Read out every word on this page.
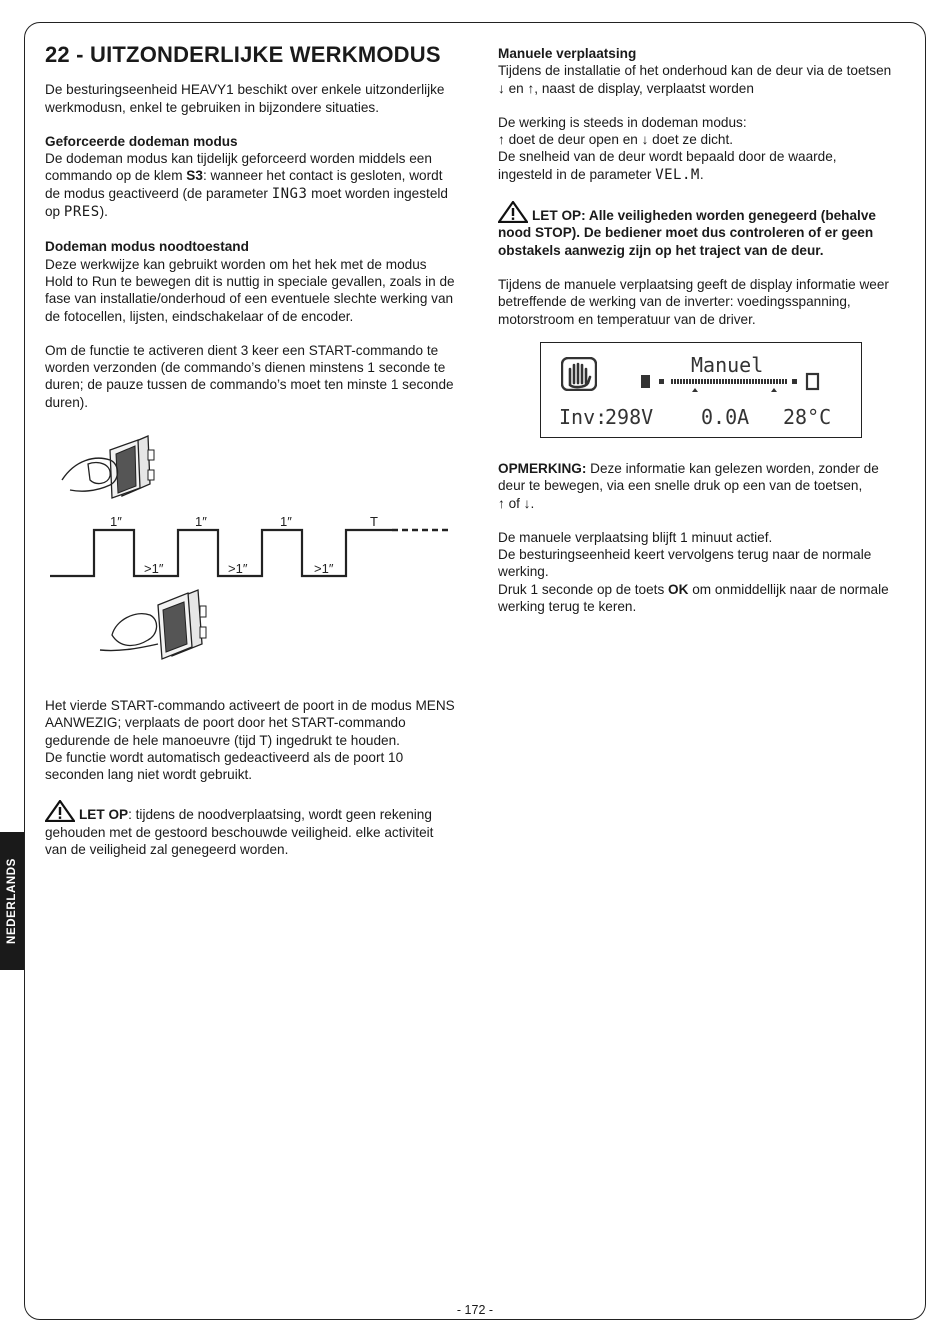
22 - UITZONDERLIJKE WERKMODUS

De besturingseenheid HEAVY1 beschikt over enkele uitzonderlijke werkmodusn, enkel te gebruiken in bijzondere situaties.

Geforceerde dodeman modus

De dodeman modus kan tijdelijk geforceerd worden middels een commando op de klem S3: wanneer het contact is gesloten, wordt de modus geactiveerd (de parameter ING3 moet worden ingesteld op PRES).

Dodeman modus noodtoestand

Deze werkwijze kan gebruikt worden om het hek met de modus Hold to Run te bewegen dit is nuttig in speciale gevallen, zoals in de fase van installatie/onderhoud of een eventuele slechte werking van de fotocellen, lijsten, eindschakelaar of de encoder.

Om de functie te activeren dient 3 keer een START-commando te worden verzonden (de commando’s dienen minstens 1 seconde te duren; de pauze tussen de commando’s moet ten minste 1 seconde duren).

1″	1″	1″	T
>1″	>1″	>1″

Het vierde START-commando activeert de poort in de modus MENS AANWEZIG; verplaats de poort door het START-commando gedurende de hele manoeuvre (tijd T) ingedrukt te houden.

De functie wordt automatisch gedeactiveerd als de poort 10 seconden lang niet wordt gebruikt.

LET OP: tijdens de noodverplaatsing, wordt geen rekening gehouden met de gestoord beschouwde veiligheid. elke activiteit van de veiligheid zal genegeerd worden.

Manuele verplaatsing

Tijdens de installatie of het onderhoud kan de deur via de toetsen

↓ en ↑, naast de display, verplaatst worden

De werking is steeds in dodeman modus:

↑ doet de deur open en ↓ doet ze dicht.

De snelheid van de deur wordt bepaald door de waarde,

ingesteld in de parameter VEL.M.

LET OP: Alle veiligheden worden genegeerd (behalve nood STOP). De bediener moet dus controleren of er geen obstakels aanwezig zijn op het traject van de deur.

Tijdens de manuele verplaatsing geeft de display informatie weer betreffende de werking van de inverter: voedingsspanning, motorstroom en temperatuur van de driver.

Manuel
Inv:
298V 0.0A 28°C

OPMERKING: Deze informatie kan gelezen worden, zonder de deur te bewegen, via een snelle druk op een van de toetsen,

↑ of ↓.

De manuele verplaatsing blijft 1 minuut actief.

De besturingseenheid keert vervolgens terug naar de normale werking.

Druk 1 seconde op de toets OK om onmiddellijk naar de normale werking terug te keren.

NEDERLANDS
- 172 -
